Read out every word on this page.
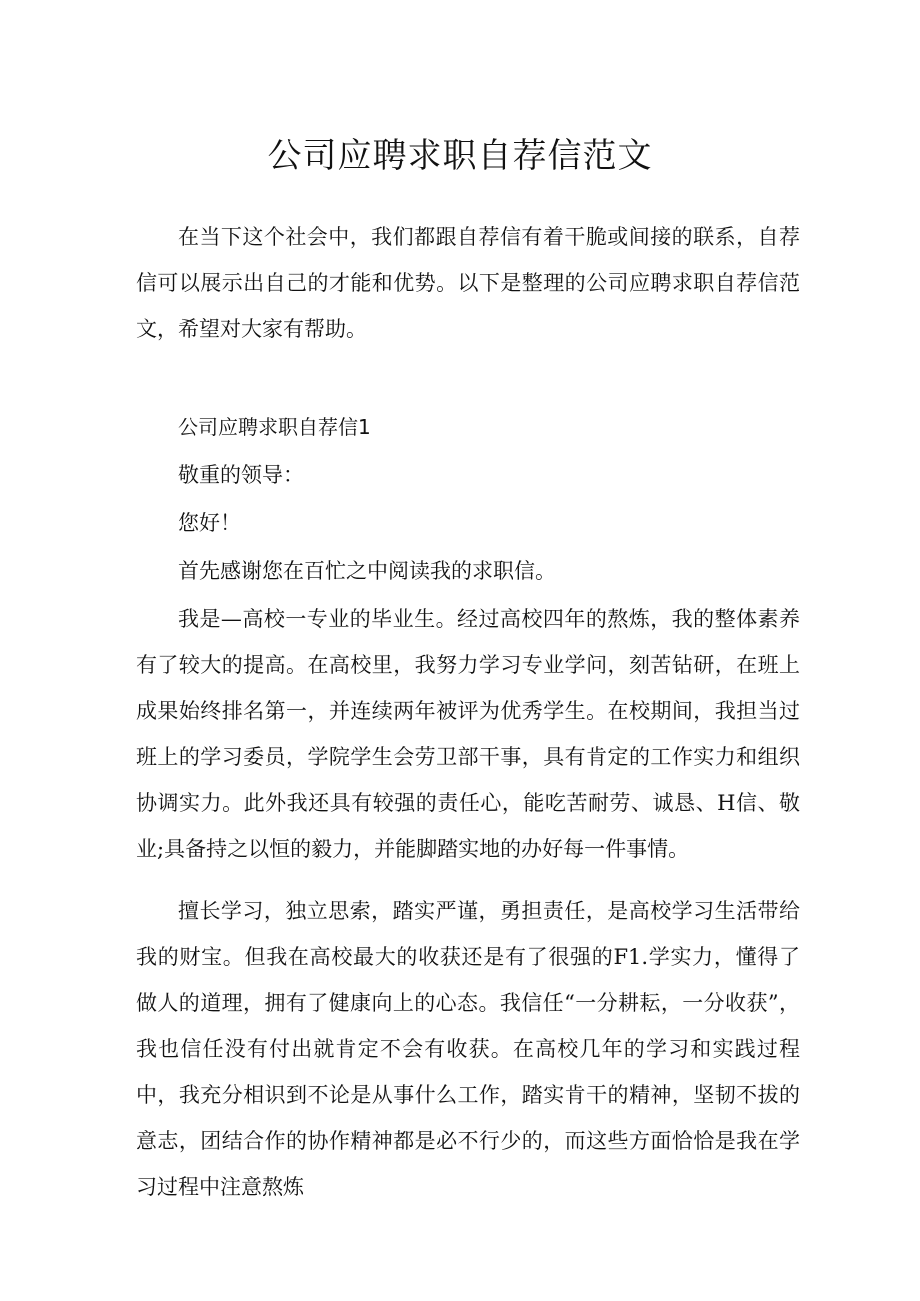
公司应聘求职自荐信范文

在当下这个社会中，我们都跟自荐信有着干脆或间接的联系，自荐信可以展示出自己的才能和优势。以下是整理的公司应聘求职自荐信范文，希望对大家有帮助。

公司应聘求职自荐信1

敬重的领导：

您好！

首先感谢您在百忙之中阅读我的求职信。

我是—高校一专业的毕业生。经过高校四年的熬炼，我的整体素养有了较大的提高。在高校里，我努力学习专业学问，刻苦钻研，在班上成果始终排名第一，并连续两年被评为优秀学生。在校期间，我担当过班上的学习委员，学院学生会劳卫部干事，具有肯定的工作实力和组织协调实力。此外我还具有较强的责任心，能吃苦耐劳、诚恳、H信、敬业;具备持之以恒的毅力，并能脚踏实地的办好每一件事情。

擅长学习，独立思索，踏实严谨，勇担责任，是高校学习生活带给我的财宝。但我在高校最大的收获还是有了很强的F1.学实力，懂得了做人的道理，拥有了健康向上的心态。我信任“一分耕耘，一分收获”，我也信任没有付出就肯定不会有收获。在高校几年的学习和实践过程中，我充分相识到不论是从事什么工作，踏实肯干的精神，坚韧不拔的意志，团结合作的协作精神都是必不行少的，而这些方面恰恰是我在学习过程中注意熬炼
